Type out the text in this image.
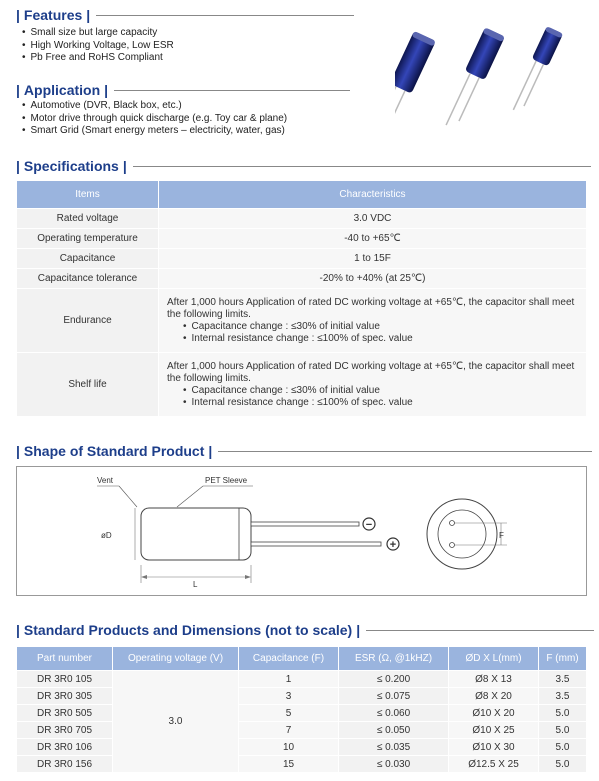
| Features |
• Small size but large capacity
• High Working Voltage, Low ESR
• Pb Free and RoHS Compliant
| Application |
• Automotive (DVR, Black box, etc.)
• Motor drive through quick discharge (e.g. Toy car & plane)
• Smart Grid (Smart energy meters – electricity, water, gas)
| Specifications |
Items	Characteristics
Rated voltage	3.0 VDC
Operating temperature	-40 to +65℃
Capacitance	1 to 15F
Capacitance tolerance	-20% to +40% (at 25℃)
Endurance	After 1,000 hours Application of rated DC working voltage at +65℃, the capacitor shall meet the following limits.
• Capacitance change : ≤30% of initial value
• Internal resistance change : ≤100% of spec. value

Shelf life	After 1,000 hours Application of rated DC working voltage at +65℃, the capacitor shall meet the following limits.
• Capacitance change : ≤30% of initial value
• Internal resistance change : ≤100% of spec. value
| Shape of Standard Product |
Vent	PET Sleeve
−
+
øD
L
F
| Standard Products and Dimensions (not to scale) |
Part number	Operating voltage (V)	Capacitance (F)	ESR (Ω, @1kHZ)	ØD X L(mm)	F (mm)
DR 3R0 105	3.0	1	≤ 0.200	Ø8 X 13	3.5
DR 3R0 305		3	≤ 0.075	Ø8 X 20	3.5
DR 3R0 505		5	≤ 0.060	Ø10 X 20	5.0
DR 3R0 705		7	≤ 0.050	Ø10 X 25	5.0
DR 3R0 106		10	≤ 0.035	Ø10 X 30	5.0
DR 3R0 156		15	≤ 0.030	Ø12.5 X 25	5.0
